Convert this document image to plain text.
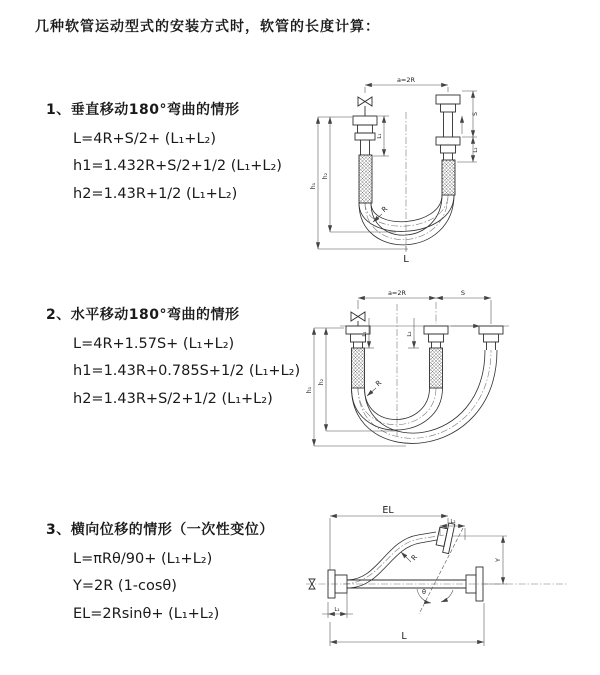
几种软管运动型式的安装方式时，软管的长度计算：
1、垂直移动180°弯曲的情形
L=4R+S/2+ (L₁+L₂)
h1=1.432R+S/2+1/2 (L₁+L₂)
h2=1.43R+1/2 (L₁+L₂)
2、水平移动180°弯曲的情形
L=4R+1.57S+ (L₁+L₂)
h1=1.43R+0.785S+1/2 (L₁+L₂)
h2=1.43R+S/2+1/2 (L₁+L₂)
3、横向位移的情形（一次性变位）
L=πRθ/90+ (L₁+L₂)
Y=2R (1-cosθ)
EL=2Rsinθ+ (L₁+L₂)
a=2R
h₁
h₂
L₁
S
L₂
R
L
a=2R	S
h₁
h₂
L₁	L₂
R
EL
L₂
Y
θ
R
L₁
L
